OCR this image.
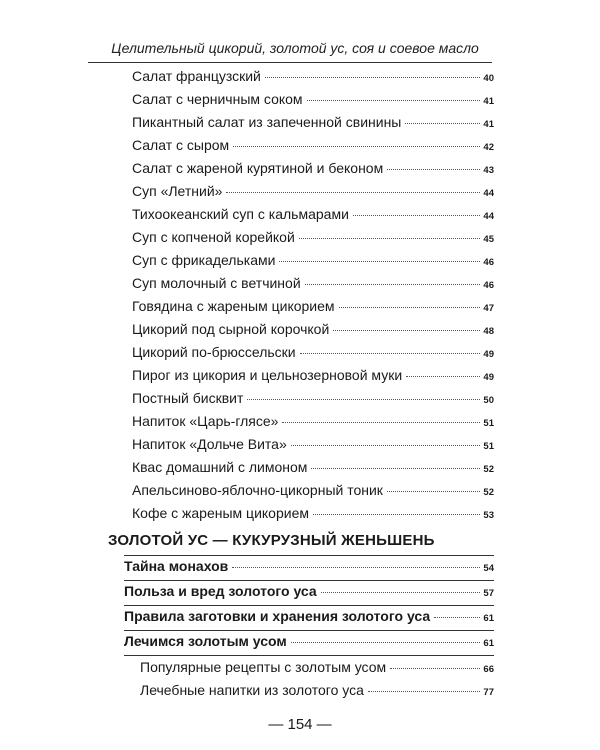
Целительный цикорий, золотой ус, соя и соевое масло
Салат французский	40
Салат с черничным соком	41
Пикантный салат из запеченной свинины	41
Салат с сыром	42
Салат с жареной курятиной и беконом	43
Суп «Летний»	44
Тихоокеанский суп с кальмарами	44
Суп с копченой корейкой	45
Суп с фрикадельками	46
Суп молочный с ветчиной	46
Говядина с жареным цикорием	47
Цикорий под сырной корочкой	48
Цикорий по-брюссельски	49
Пирог из цикория и цельнозерновой муки	49
Постный бисквит	50
Напиток «Царь-глясе»	51
Напиток «Дольче Вита»	51
Квас домашний с лимоном	52
Апельсиново-яблочно-цикорный тоник	52
Кофе с жареным цикорием	53
ЗОЛОТОЙ УС — КУКУРУЗНЫЙ ЖЕНЬШЕНЬ
Тайна монахов	54
Польза и вред золотого уса	57
Правила заготовки и хранения золотого уса	61
Лечимся золотым усом	61
Популярные рецепты с золотым усом	66
Лечебные напитки из золотого уса	77
— 154 —
